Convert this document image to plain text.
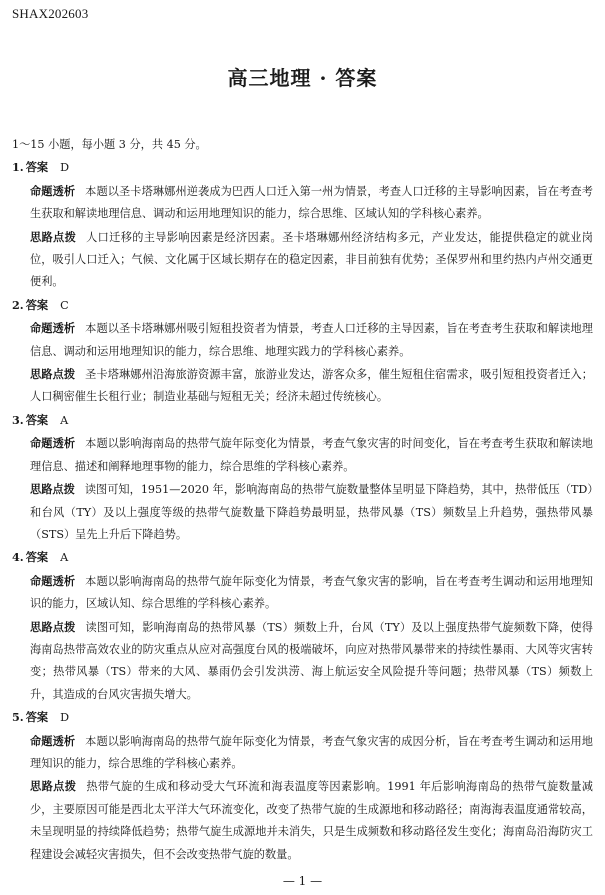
SHAX202603
高三地理 · 答案

1～15 小题，每小题 3 分，共 45 分。

1. 答案 D

命题透析 本题以圣卡塔琳娜州逆袭成为巴西人口迁入第一州为情景，考查人口迁移的主导影响因素，旨在考查考生获取和解读地理信息、调动和运用地理知识的能力，综合思维、区域认知的学科核心素养。

思路点拨 人口迁移的主导影响因素是经济因素。圣卡塔琳娜州经济结构多元，产业发达，能提供稳定的就业岗位，吸引人口迁入；气候、文化属于区域长期存在的稳定因素，非目前独有优势；圣保罗州和里约热内卢州交通更便利。

2. 答案 C

命题透析 本题以圣卡塔琳娜州吸引短租投资者为情景，考查人口迁移的主导因素，旨在考查考生获取和解读地理信息、调动和运用地理知识的能力，综合思维、地理实践力的学科核心素养。

思路点拨 圣卡塔琳娜州沿海旅游资源丰富，旅游业发达，游客众多，催生短租住宿需求，吸引短租投资者迁入；人口稠密催生长租行业；制造业基础与短租无关；经济未超过传统核心。

3. 答案 A

命题透析 本题以影响海南岛的热带气旋年际变化为情景，考查气象灾害的时间变化，旨在考查考生获取和解读地理信息、描述和阐释地理事物的能力，综合思维的学科核心素养。

思路点拨 读图可知，1951—2020 年，影响海南岛的热带气旋数量整体呈明显下降趋势，其中，热带低压（TD）和台风（TY）及以上强度等级的热带气旋数量下降趋势最明显，热带风暴（TS）频数呈上升趋势，强热带风暴（STS）呈先上升后下降趋势。

4. 答案 A

命题透析 本题以影响海南岛的热带气旋年际变化为情景，考查气象灾害的影响，旨在考查考生调动和运用地理知识的能力，区域认知、综合思维的学科核心素养。

思路点拨 读图可知，影响海南岛的热带风暴（TS）频数上升，台风（TY）及以上强度热带气旋频数下降，使得海南岛热带高效农业的防灾重点从应对高强度台风的极端破坏，向应对热带风暴带来的持续性暴雨、大风等灾害转变；热带风暴（TS）带来的大风、暴雨仍会引发洪涝、海上航运安全风险提升等问题；热带风暴（TS）频数上升，其造成的台风灾害损失增大。

5. 答案 D

命题透析 本题以影响海南岛的热带气旋年际变化为情景，考查气象灾害的成因分析，旨在考查考生调动和运用地理知识的能力，综合思维的学科核心素养。

思路点拨 热带气旋的生成和移动受大气环流和海表温度等因素影响。1991 年后影响海南岛的热带气旋数量减少，主要原因可能是西北太平洋大气环流变化，改变了热带气旋的生成源地和移动路径；南海海表温度通常较高，未呈现明显的持续降低趋势；热带气旋生成源地并未消失，只是生成频数和移动路径发生变化；海南岛沿海防灾工程建设会减轻灾害损失，但不会改变热带气旋的数量。

— 1 —
